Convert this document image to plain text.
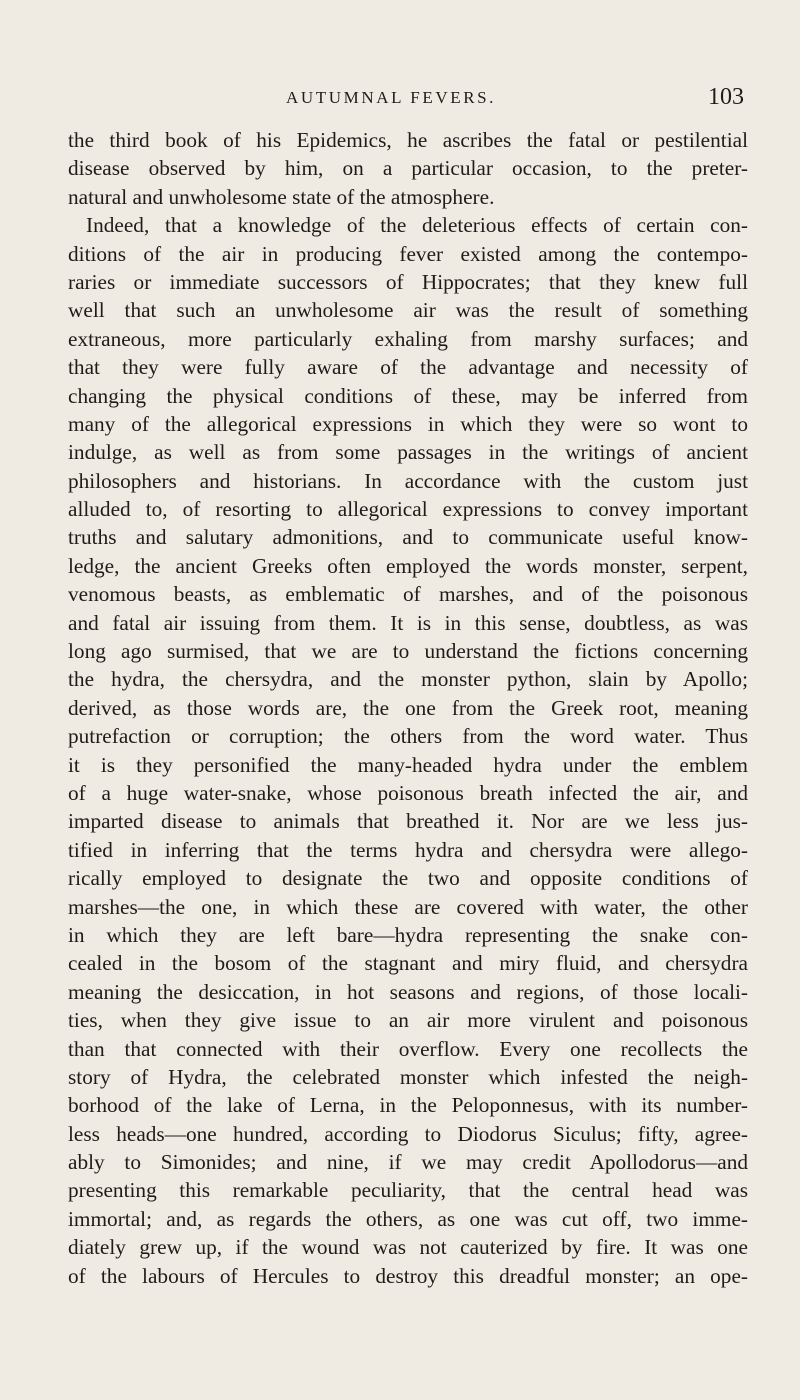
AUTUMNAL FEVERS.	103
the third book of his Epidemics, he ascribes the fatal or pestilential
disease observed by him, on a particular occasion, to the preter-
natural and unwholesome state of the atmosphere.
Indeed, that a knowledge of the deleterious effects of certain con-
ditions of the air in producing fever existed among the contempo-
raries or immediate successors of Hippocrates; that they knew full
well that such an unwholesome air was the result of something
extraneous, more particularly exhaling from marshy surfaces; and
that they were fully aware of the advantage and necessity of
changing the physical conditions of these, may be inferred from
many of the allegorical expressions in which they were so wont to
indulge, as well as from some passages in the writings of ancient
philosophers and historians. In accordance with the custom just
alluded to, of resorting to allegorical expressions to convey important
truths and salutary admonitions, and to communicate useful know-
ledge, the ancient Greeks often employed the words monster, serpent,
venomous beasts, as emblematic of marshes, and of the poisonous
and fatal air issuing from them. It is in this sense, doubtless, as was
long ago surmised, that we are to understand the fictions concerning
the hydra, the chersydra, and the monster python, slain by Apollo;
derived, as those words are, the one from the Greek root, meaning
putrefaction or corruption; the others from the word water. Thus
it is they personified the many-headed hydra under the emblem
of a huge water-snake, whose poisonous breath infected the air, and
imparted disease to animals that breathed it. Nor are we less jus-
tified in inferring that the terms hydra and chersydra were allego-
rically employed to designate the two and opposite conditions of
marshes—the one, in which these are covered with water, the other
in which they are left bare—hydra representing the snake con-
cealed in the bosom of the stagnant and miry fluid, and chersydra
meaning the desiccation, in hot seasons and regions, of those locali-
ties, when they give issue to an air more virulent and poisonous
than that connected with their overflow. Every one recollects the
story of Hydra, the celebrated monster which infested the neigh-
borhood of the lake of Lerna, in the Peloponnesus, with its number-
less heads—one hundred, according to Diodorus Siculus; fifty, agree-
ably to Simonides; and nine, if we may credit Apollodorus—and
presenting this remarkable peculiarity, that the central head was
immortal; and, as regards the others, as one was cut off, two imme-
diately grew up, if the wound was not cauterized by fire. It was one
of the labours of Hercules to destroy this dreadful monster; an ope-
